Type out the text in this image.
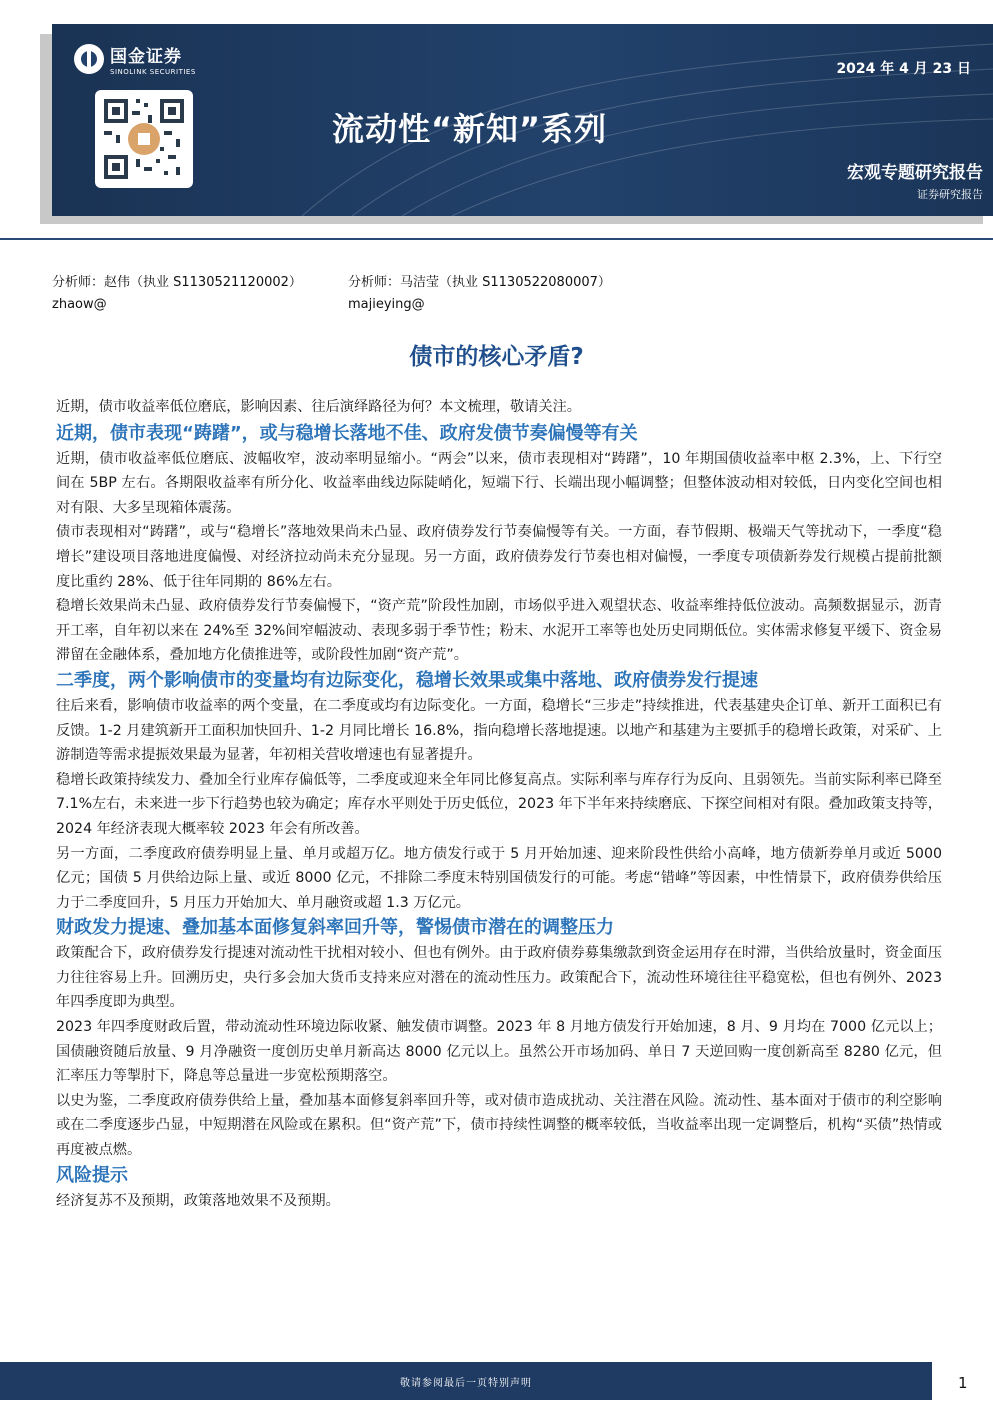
国金证券
SINOLINK SECURITIES	2024 年 4 月 23 日
流动性“新知”系列
宏观专题研究报告
证券研究报告
分析师：赵伟（执业 S1130521120002）
zhaow@
分析师：马洁莹（执业 S1130522080007）
majieying@
债市的核心矛盾?

近期，债市收益率低位磨底，影响因素、往后演绎路径为何？本文梳理，敬请关注。

近期，债市表现“踌躇”，或与稳增长落地不佳、政府发债节奏偏慢等有关

近期，债市收益率低位磨底、波幅收窄，波动率明显缩小。“两会”以来，债市表现相对“踌躇”，10 年期国债收益率中枢 2.3%，上、下行空间在 5BP 左右。各期限收益率有所分化、收益率曲线边际陡峭化，短端下行、长端出现小幅调整；但整体波动相对较低，日内变化空间也相对有限、大多呈现箱体震荡。

债市表现相对“踌躇”，或与“稳增长”落地效果尚未凸显、政府债券发行节奏偏慢等有关。一方面，春节假期、极端天气等扰动下，一季度“稳增长”建设项目落地进度偏慢、对经济拉动尚未充分显现。另一方面，政府债券发行节奏也相对偏慢，一季度专项债新券发行规模占提前批额度比重约 28%、低于往年同期的 86%左右。

稳增长效果尚未凸显、政府债券发行节奏偏慢下，“资产荒”阶段性加剧，市场似乎进入观望状态、收益率维持低位波动。高频数据显示，沥青开工率，自年初以来在 24%至 32%间窄幅波动、表现多弱于季节性；粉末、水泥开工率等也处历史同期低位。实体需求修复平缓下、资金易滞留在金融体系，叠加地方化债推进等，或阶段性加剧“资产荒”。

二季度，两个影响债市的变量均有边际变化，稳增长效果或集中落地、政府债券发行提速

往后来看，影响债市收益率的两个变量，在二季度或均有边际变化。一方面，稳增长“三步走”持续推进，代表基建央企订单、新开工面积已有反馈。1-2 月建筑新开工面积加快回升、1-2 月同比增长 16.8%，指向稳增长落地提速。以地产和基建为主要抓手的稳增长政策，对采矿、上游制造等需求提振效果最为显著，年初相关营收增速也有显著提升。

稳增长政策持续发力、叠加全行业库存偏低等，二季度或迎来全年同比修复高点。实际利率与库存行为反向、且弱领先。当前实际利率已降至 7.1%左右，未来进一步下行趋势也较为确定；库存水平则处于历史低位，2023 年下半年来持续磨底、下探空间相对有限。叠加政策支持等，2024 年经济表现大概率较 2023 年会有所改善。

另一方面，二季度政府债券明显上量、单月或超万亿。地方债发行或于 5 月开始加速、迎来阶段性供给小高峰，地方债新券单月或近 5000 亿元；国债 5 月供给边际上量、或近 8000 亿元，不排除二季度末特别国债发行的可能。考虑“错峰”等因素，中性情景下，政府债券供给压力于二季度回升，5 月压力开始加大、单月融资或超 1.3 万亿元。

财政发力提速、叠加基本面修复斜率回升等，警惕债市潜在的调整压力

政策配合下，政府债券发行提速对流动性干扰相对较小、但也有例外。由于政府债券募集缴款到资金运用存在时滞，当供给放量时，资金面压力往往容易上升。回溯历史，央行多会加大货币支持来应对潜在的流动性压力。政策配合下，流动性环境往往平稳宽松，但也有例外、2023 年四季度即为典型。

2023 年四季度财政后置，带动流动性环境边际收紧、触发债市调整。2023 年 8 月地方债发行开始加速，8 月、9 月均在 7000 亿元以上；国债融资随后放量、9 月净融资一度创历史单月新高达 8000 亿元以上。虽然公开市场加码、单日 7 天逆回购一度创新高至 8280 亿元，但汇率压力等掣肘下，降息等总量进一步宽松预期落空。

以史为鉴，二季度政府债券供给上量，叠加基本面修复斜率回升等，或对债市造成扰动、关注潜在风险。流动性、基本面对于债市的利空影响或在二季度逐步凸显，中短期潜在风险或在累积。但“资产荒”下，债市持续性调整的概率较低，当收益率出现一定调整后，机构“买债”热情或再度被点燃。

风险提示

经济复苏不及预期，政策落地效果不及预期。

敬请参阅最后一页特别声明	1
